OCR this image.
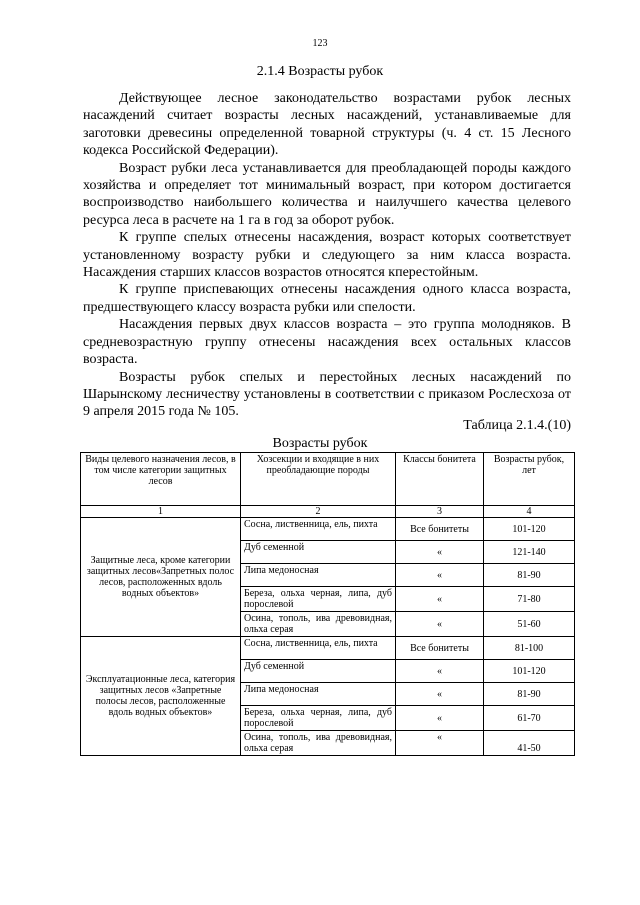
123
2.1.4 Возрасты рубок

Действующее лесное законодательство возрастами рубок лесных насаждений считает возрасты лесных насаждений, устанавливаемые для заготовки древесины определенной товарной структуры (ч. 4 ст. 15 Лесного кодекса Российской Федерации).

Возраст рубки леса устанавливается для преобладающей породы каждого хозяйства и определяет тот минимальный возраст, при котором достигается воспроизводство наибольшего количества и наилучшего качества целевого ресурса леса в расчете на 1 га в год за оборот рубок.

К группе спелых отнесены насаждения, возраст которых соответствует установленному возрасту рубки и следующего за ним класса возраста. Насаждения старших классов возрастов относятся кперестойным.

К группе приспевающих отнесены насаждения одного класса возраста, предшествующего классу возраста рубки или спелости.

Насаждения первых двух классов возраста – это группа молодняков. В средневозрастную группу отнесены насаждения всех остальных классов возраста.

Возрасты рубок спелых и перестойных лесных насаждений по Шарынскому лесничеству установлены в соответствии с приказом Рослесхоза от 9 апреля 2015 года № 105.

Таблица 2.1.4.(10)
Возрасты рубок
Виды целевого назначения лесов, в том числе категории защитных лесов	Хозсекции и входящие в них преобладающие породы	Классы бонитета	Возрасты рубок, лет
1	2	3	4
Защитные леса, кроме категории защитных лесов«Запретных полос лесов, расположенных вдоль водных объектов»	Сосна, лиственница, ель, пихта	Все бонитеты	101-120
	Дуб семенной	«	121-140
	Липа медоносная	«	81-90
	Береза, ольха черная, липа, дуб порослевой	«	71-80
	Осина, тополь, ива древовидная, ольха серая	«	51-60
Эксплуатационные леса, категория защитных лесов «Запретные полосы лесов, расположенные вдоль водных объектов»	Сосна, лиственница, ель, пихта	Все бонитеты	81-100
	Дуб семенной	«	101-120
	Липа медоносная	«	81-90
	Береза, ольха черная, липа, дуб порослевой	«	61-70
	Осина, тополь, ива древовидная, ольха серая	«	41-50
